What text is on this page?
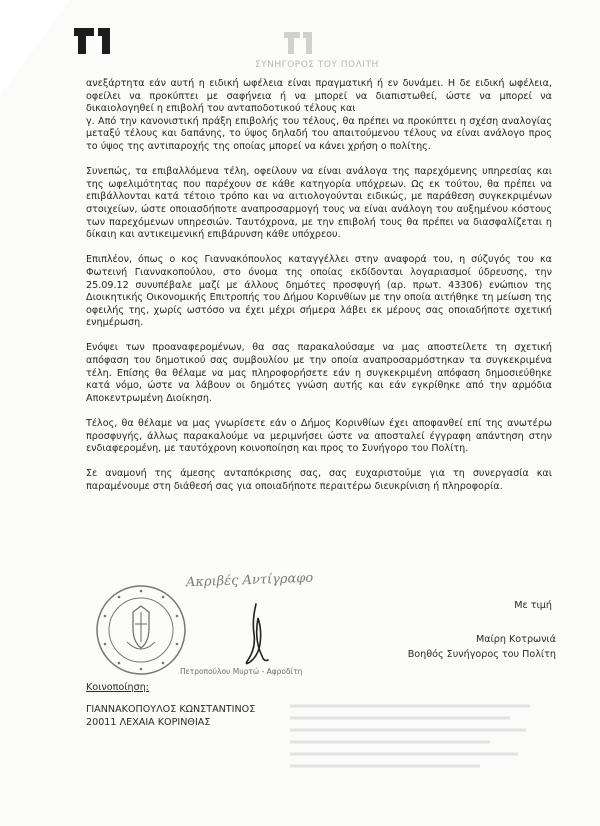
ΣΥΝΗΓΟΡΟΣ ΤΟΥ ΠΟΛΙΤΗ

ανεξάρτητα εάν αυτή η ειδική ωφέλεια είναι πραγματική ή εν δυνάμει. Η δε ειδική ωφέλεια, οφείλει να προκύπτει με σαφήνεια ή να μπορεί να διαπιστωθεί, ώστε να μπορεί να δικαιολογηθεί η επιβολή του ανταποδοτικού τέλους και

γ. Από την κανονιστική πράξη επιβολής του τέλους, θα πρέπει να προκύπτει η σχέση αναλογίας μεταξύ τέλους και δαπάνης, το ύψος δηλαδή του απαιτούμενου τέλους να είναι ανάλογο προς το ύψος της αντιπαροχής της οποίας μπορεί να κάνει χρήση ο πολίτης.

Συνεπώς, τα επιβαλλόμενα τέλη, οφείλουν να είναι ανάλογα της παρεχόμενης υπηρεσίας και της ωφελιμότητας που παρέχουν σε κάθε κατηγορία υπόχρεων. Ως εκ τούτου, θα πρέπει να επιβάλλονται κατά τέτοιο τρόπο και να αιτιολογούνται ειδικώς, με παράθεση συγκεκριμένων στοιχείων, ώστε οποιασδήποτε αναπροσαρμογή τους να είναι ανάλογη του αυξημένου κόστους των παρεχόμενων υπηρεσιών. Ταυτόχρονα, με την επιβολή τους θα πρέπει να διασφαλίζεται η δίκαιη και αντικειμενική επιβάρυνση κάθε υπόχρεου.

Επιπλέον, όπως ο κος Γιαννακόπουλος καταγγέλλει στην αναφορά του, η σύζυγός του κα Φωτεινή Γιαννακοπούλου, στο όνομα της οποίας εκδίδονται λογαριασμοί ύδρευσης, την 25.09.12 συνυπέβαλε μαζί με άλλους δημότες προσφυγή (αρ. πρωτ. 43306) ενώπιον της Διοικητικής Οικονομικής Επιτροπής του Δήμου Κορινθίων με την οποία αιτήθηκε τη μείωση της οφειλής της, χωρίς ωστόσο να έχει μέχρι σήμερα λάβει εκ μέρους σας οποιαδήποτε σχετική ενημέρωση.

Ενόψει των προαναφερομένων, θα σας παρακαλούσαμε να μας αποστείλετε τη σχετική απόφαση του δημοτικού σας συμβουλίου με την οποία αναπροσαρμόστηκαν τα συγκεκριμένα τέλη. Επίσης θα θέλαμε να μας πληροφορήσετε εάν η συγκεκριμένη απόφαση δημοσιεύθηκε κατά νόμο, ώστε να λάβουν οι δημότες γνώση αυτής και εάν εγκρίθηκε από την αρμόδια Αποκεντρωμένη Διοίκηση.

Τέλος, θα θέλαμε να μας γνωρίσετε εάν ο Δήμος Κορινθίων έχει αποφανθεί επί της ανωτέρω προσφυγής, άλλως παρακαλούμε να μεριμνήσει ώστε να αποσταλεί έγγραφη απάντηση στην ενδιαφερομένη, με ταυτόχρονη κοινοποίηση και προς το Συνήγορο του Πολίτη.

Σε αναμονή της άμεσης ανταπόκρισης σας, σας ευχαριστούμε για τη συνεργασία και παραμένουμε στη διάθεσή σας για οποιαδήποτε περαιτέρω διευκρίνιση ή πληροφορία.

Ακριβές Αντίγραφο
Πετροπούλου Μυρτώ - Αφροδίτη
Με τιμή
Μαίρη Κοτρωνιά
Βοηθός Συνήγορος του Πολίτη
Κοινοποίηση:
ΓΙΑΝΝΑΚΟΠΟΥΛΟΣ ΚΩΝΣΤΑΝΤΙΝΟΣ
20011 ΛΕΧΑΙΑ ΚΟΡΙΝΘΙΑΣ
